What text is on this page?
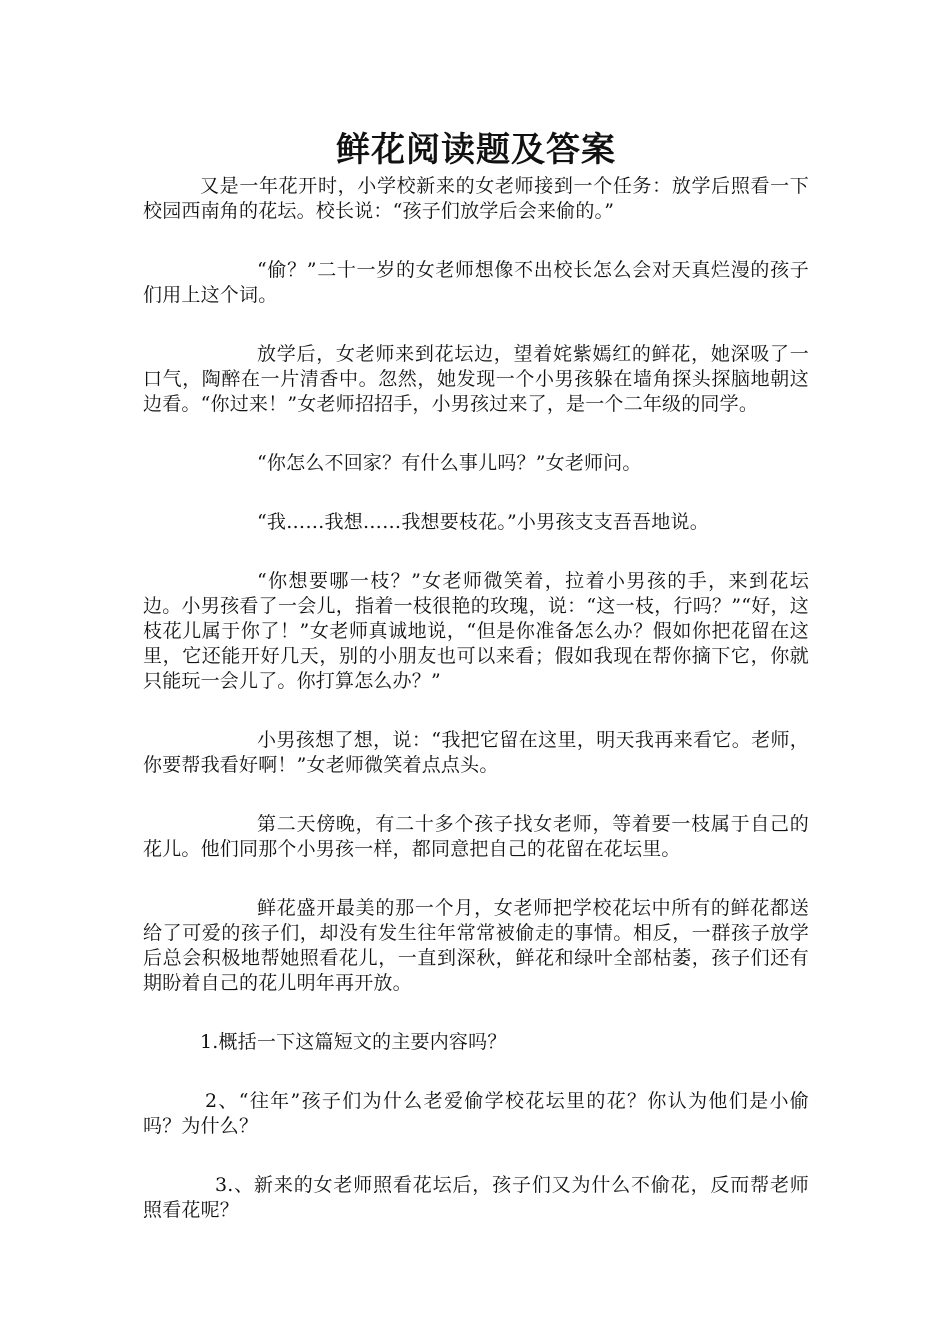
鲜花阅读题及答案

又是一年花开时，小学校新来的女老师接到一个任务：放学后照看一下校园西南角的花坛。校长说：“孩子们放学后会来偷的。”

“偷？”二十一岁的女老师想像不出校长怎么会对天真烂漫的孩子们用上这个词。

放学后，女老师来到花坛边，望着姹紫嫣红的鲜花，她深吸了一口气，陶醉在一片清香中。忽然，她发现一个小男孩躲在墙角探头探脑地朝这边看。“你过来！”女老师招招手，小男孩过来了，是一个二年级的同学。

“你怎么不回家？有什么事儿吗？”女老师问。

“我……我想……我想要枝花。”小男孩支支吾吾地说。

“你想要哪一枝？”女老师微笑着，拉着小男孩的手，来到花坛边。小男孩看了一会儿，指着一枝很艳的玫瑰，说：“这一枝，行吗？”“好，这枝花儿属于你了！”女老师真诚地说，“但是你准备怎么办？假如你把花留在这里，它还能开好几天，别的小朋友也可以来看；假如我现在帮你摘下它，你就只能玩一会儿了。你打算怎么办？”

小男孩想了想，说：“我把它留在这里，明天我再来看它。老师，你要帮我看好啊！”女老师微笑着点点头。

第二天傍晚，有二十多个孩子找女老师，等着要一枝属于自己的花儿。他们同那个小男孩一样，都同意把自己的花留在花坛里。

鲜花盛开最美的那一个月，女老师把学校花坛中所有的鲜花都送给了可爱的孩子们，却没有发生往年常常被偷走的事情。相反，一群孩子放学后总会积极地帮她照看花儿，一直到深秋，鲜花和绿叶全部枯萎，孩子们还有期盼着自己的花儿明年再开放。

1.概括一下这篇短文的主要内容吗？

2、“往年”孩子们为什么老爱偷学校花坛里的花？你认为他们是小偷吗？为什么？

3.、新来的女老师照看花坛后，孩子们又为什么不偷花，反而帮老师照看花呢？
